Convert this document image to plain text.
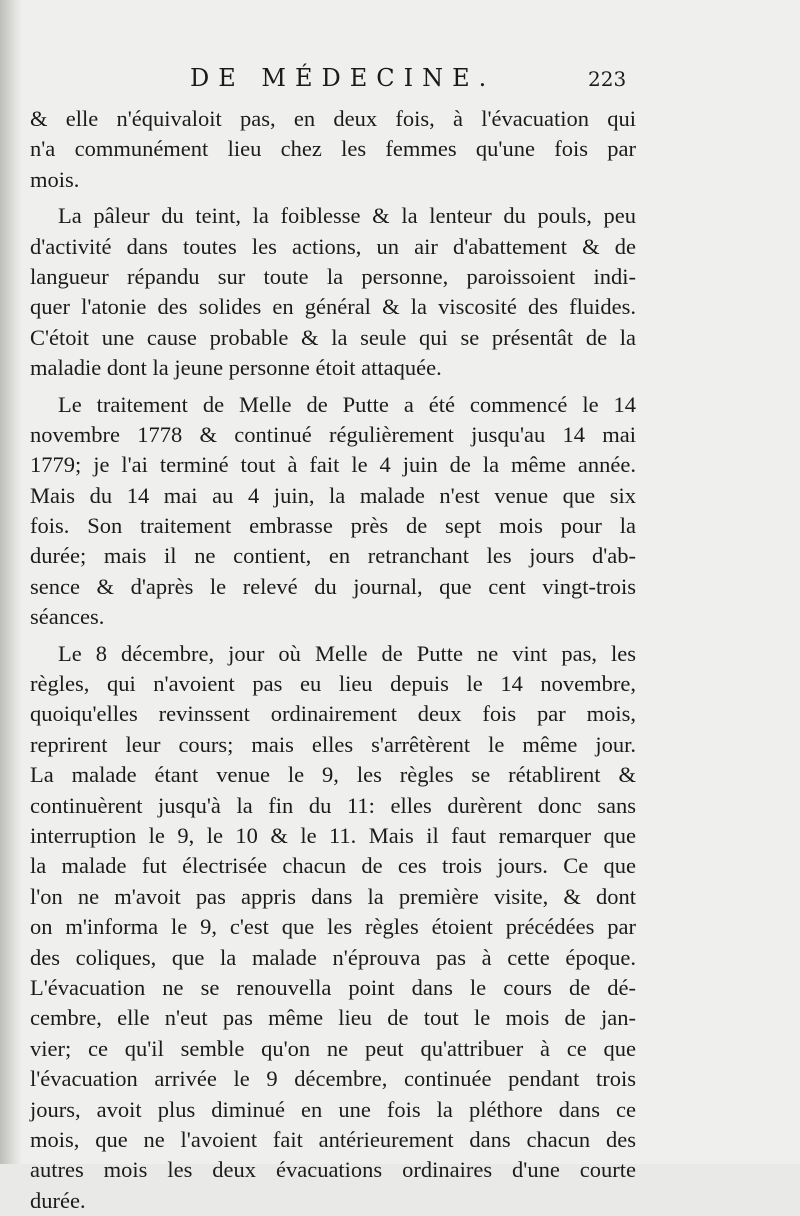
DE MÉDECINE.	223
& elle n'équivaloit pas, en deux fois, à l'évacuation qui
n'a communément lieu chez les femmes qu'une fois par
mois.
La pâleur du teint, la foiblesse & la lenteur du pouls, peu
d'activité dans toutes les actions, un air d'abattement & de
langueur répandu sur toute la personne, paroissoient indi-
quer l'atonie des solides en général & la viscosité des fluides.
C'étoit une cause probable & la seule qui se présentât de la
maladie dont la jeune personne étoit attaquée.
Le traitement de Melle de Putte a été commencé le 14
novembre 1778 & continué régulièrement jusqu'au 14 mai
1779; je l'ai terminé tout à fait le 4 juin de la même année.
Mais du 14 mai au 4 juin, la malade n'est venue que six
fois. Son traitement embrasse près de sept mois pour la
durée; mais il ne contient, en retranchant les jours d'ab-
sence & d'après le relevé du journal, que cent vingt-trois
séances.
Le 8 décembre, jour où Melle de Putte ne vint pas, les
règles, qui n'avoient pas eu lieu depuis le 14 novembre,
quoiqu'elles revinssent ordinairement deux fois par mois,
reprirent leur cours; mais elles s'arrêtèrent le même jour.
La malade étant venue le 9, les règles se rétablirent &
continuèrent jusqu'à la fin du 11: elles durèrent donc sans
interruption le 9, le 10 & le 11. Mais il faut remarquer que
la malade fut électrisée chacun de ces trois jours. Ce que
l'on ne m'avoit pas appris dans la première visite, & dont
on m'informa le 9, c'est que les règles étoient précédées par
des coliques, que la malade n'éprouva pas à cette époque.
L'évacuation ne se renouvella point dans le cours de dé-
cembre, elle n'eut pas même lieu de tout le mois de jan-
vier; ce qu'il semble qu'on ne peut qu'attribuer à ce que
l'évacuation arrivée le 9 décembre, continuée pendant trois
jours, avoit plus diminué en une fois la pléthore dans ce
mois, que ne l'avoient fait antérieurement dans chacun des
autres mois les deux évacuations ordinaires d'une courte
durée.
